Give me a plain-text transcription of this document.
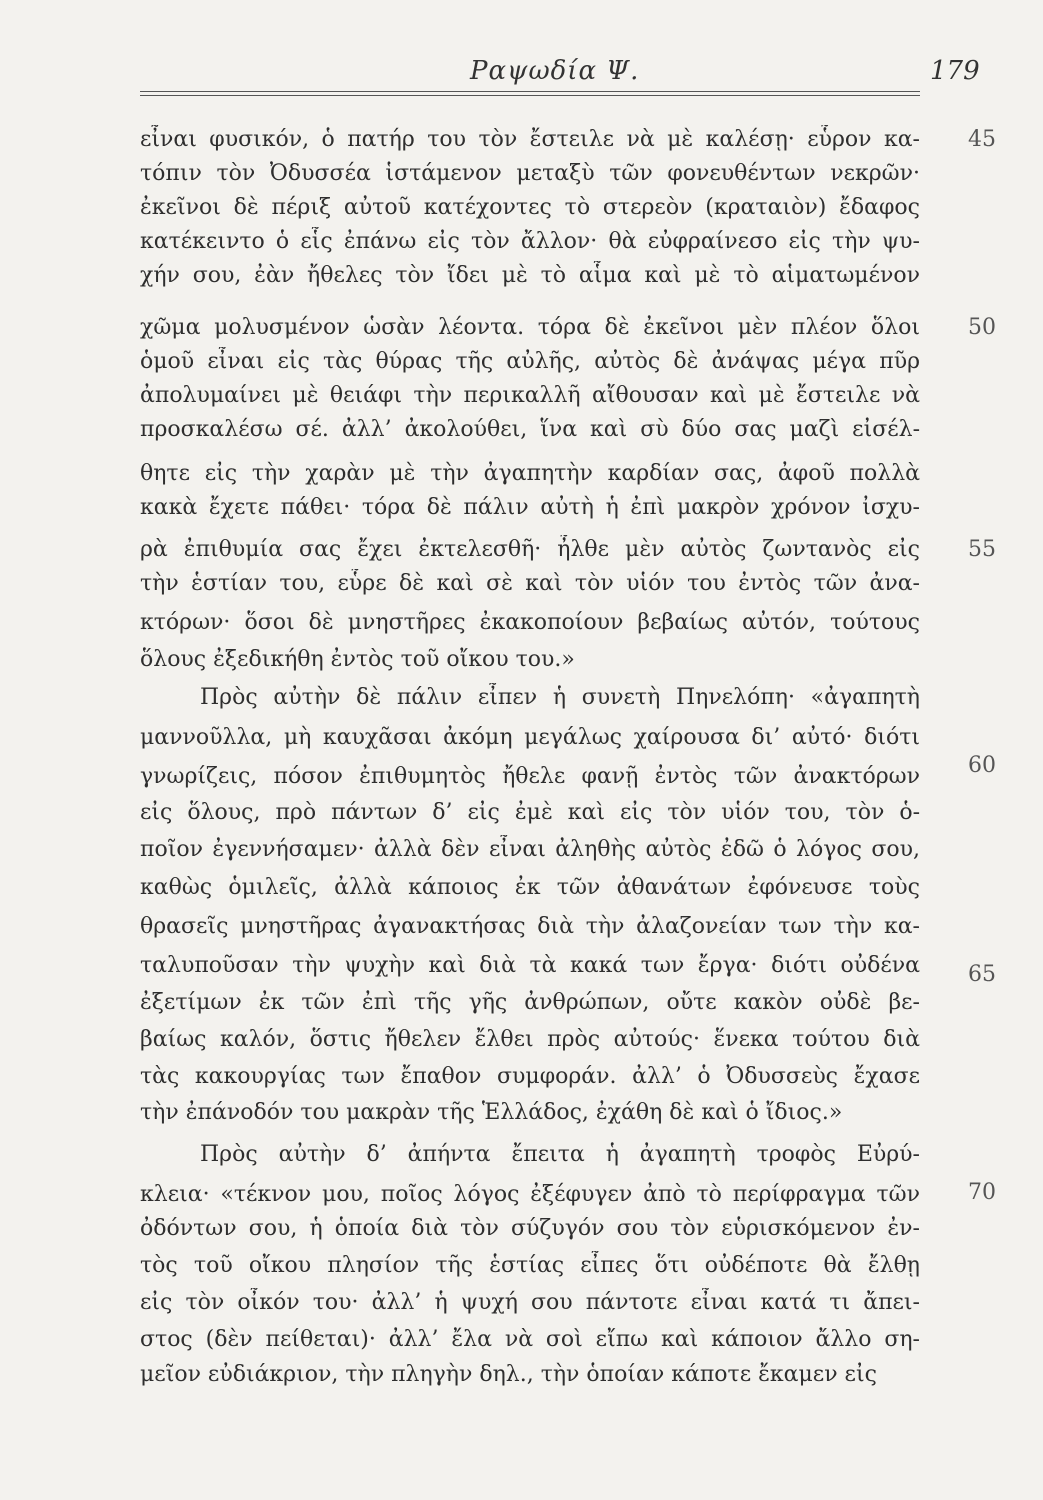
Ραψωδία Ψ.	179
εἶναι φυσικόν, ὁ πατήρ του τὸν ἔστειλε νὰ μὲ καλέσῃ· εὗρον κα-
τόπιν τὸν Ὀδυσσέα ἱστάμενον μεταξὺ τῶν φονευθέντων νεκρῶν·
ἐκεῖνοι δὲ πέριξ αὐτοῦ κατέχοντες τὸ στερεὸν (κραταιὸν) ἔδαφος
κατέκειντο ὁ εἷς ἐπάνω εἰς τὸν ἄλλον· θὰ εὐφραίνεσο εἰς τὴν ψυ-
χήν σου, ἐὰν ἤθελες τὸν ἴδει μὲ τὸ αἷμα καὶ μὲ τὸ αἱματωμένον
χῶμα μολυσμένον ὡσὰν λέοντα. τόρα δὲ ἐκεῖνοι μὲν πλέον ὅλοι
ὁμοῦ εἶναι εἰς τὰς θύρας τῆς αὐλῆς, αὐτὸς δὲ ἀνάψας μέγα πῦρ
ἀπολυμαίνει μὲ θειάφι τὴν περικαλλῆ αἴθουσαν καὶ μὲ ἔστειλε νὰ
προσκαλέσω σέ. ἀλλ’ ἀκολούθει, ἵνα καὶ σὺ δύο σας μαζὶ εἰσέλ-
θητε εἰς τὴν χαρὰν μὲ τὴν ἀγαπητὴν καρδίαν σας, ἀφοῦ πολλὰ
κακὰ ἔχετε πάθει· τόρα δὲ πάλιν αὐτὴ ἡ ἐπὶ μακρὸν χρόνον ἰσχυ-
ρὰ ἐπιθυμία σας ἔχει ἐκτελεσθῆ· ἦλθε μὲν αὐτὸς ζωντανὸς εἰς
τὴν ἑστίαν του, εὗρε δὲ καὶ σὲ καὶ τὸν υἱόν του ἐντὸς τῶν ἀνα-
κτόρων· ὅσοι δὲ μνηστῆρες ἐκακοποίουν βεβαίως αὐτόν, τούτους
ὅλους ἐξεδικήθη ἐντὸς τοῦ οἴκου του.»
Πρὸς αὐτὴν δὲ πάλιν εἶπεν ἡ συνετὴ Πηνελόπη· «ἀγαπητὴ
μαννοῦλλα, μὴ καυχᾶσαι ἀκόμη μεγάλως χαίρουσα δι’ αὐτό· διότι
γνωρίζεις, πόσον ἐπιθυμητὸς ἤθελε φανῇ ἐντὸς τῶν ἀνακτόρων
εἰς ὅλους, πρὸ πάντων δ’ εἰς ἐμὲ καὶ εἰς τὸν υἱόν του, τὸν ὁ-
ποῖον ἐγεννήσαμεν· ἀλλὰ δὲν εἶναι ἀληθὴς αὐτὸς ἐδῶ ὁ λόγος σου,
καθὼς ὁμιλεῖς, ἀλλὰ κάποιος ἐκ τῶν ἀθανάτων ἐφόνευσε τοὺς
θρασεῖς μνηστῆρας ἀγανακτήσας διὰ τὴν ἀλαζονείαν των τὴν κα-
ταλυποῦσαν τὴν ψυχὴν καὶ διὰ τὰ κακά των ἔργα· διότι οὐδένα
ἐξετίμων ἐκ τῶν ἐπὶ τῆς γῆς ἀνθρώπων, οὔτε κακὸν οὐδὲ βε-
βαίως καλόν, ὅστις ἤθελεν ἔλθει πρὸς αὐτούς· ἕνεκα τούτου διὰ
τὰς κακουργίας των ἔπαθον συμφοράν. ἀλλ’ ὁ Ὀδυσσεὺς ἔχασε
τὴν ἐπάνοδόν του μακρὰν τῆς Ἑλλάδος, ἐχάθη δὲ καὶ ὁ ἴδιος.»
Πρὸς αὐτὴν δ’ ἀπήντα ἔπειτα ἡ ἀγαπητὴ τροφὸς Εὐρύ-
κλεια· «τέκνον μου, ποῖος λόγος ἐξέφυγεν ἀπὸ τὸ περίφραγμα τῶν
ὀδόντων σου, ἡ ὁποία διὰ τὸν σύζυγόν σου τὸν εὑρισκόμενον ἐν-
τὸς τοῦ οἴκου πλησίον τῆς ἑστίας εἶπες ὅτι οὐδέποτε θὰ ἔλθῃ
εἰς τὸν οἶκόν του· ἀλλ’ ἡ ψυχή σου πάντοτε εἶναι κατά τι ἄπει-
στος (δὲν πείθεται)· ἀλλ’ ἔλα νὰ σοὶ εἴπω καὶ κάποιον ἄλλο ση-
μεῖον εὐδιάκριον, τὴν πληγὴν δηλ., τὴν ὁποίαν κάποτε ἔκαμεν εἰς
45
50
55
60
65
70
